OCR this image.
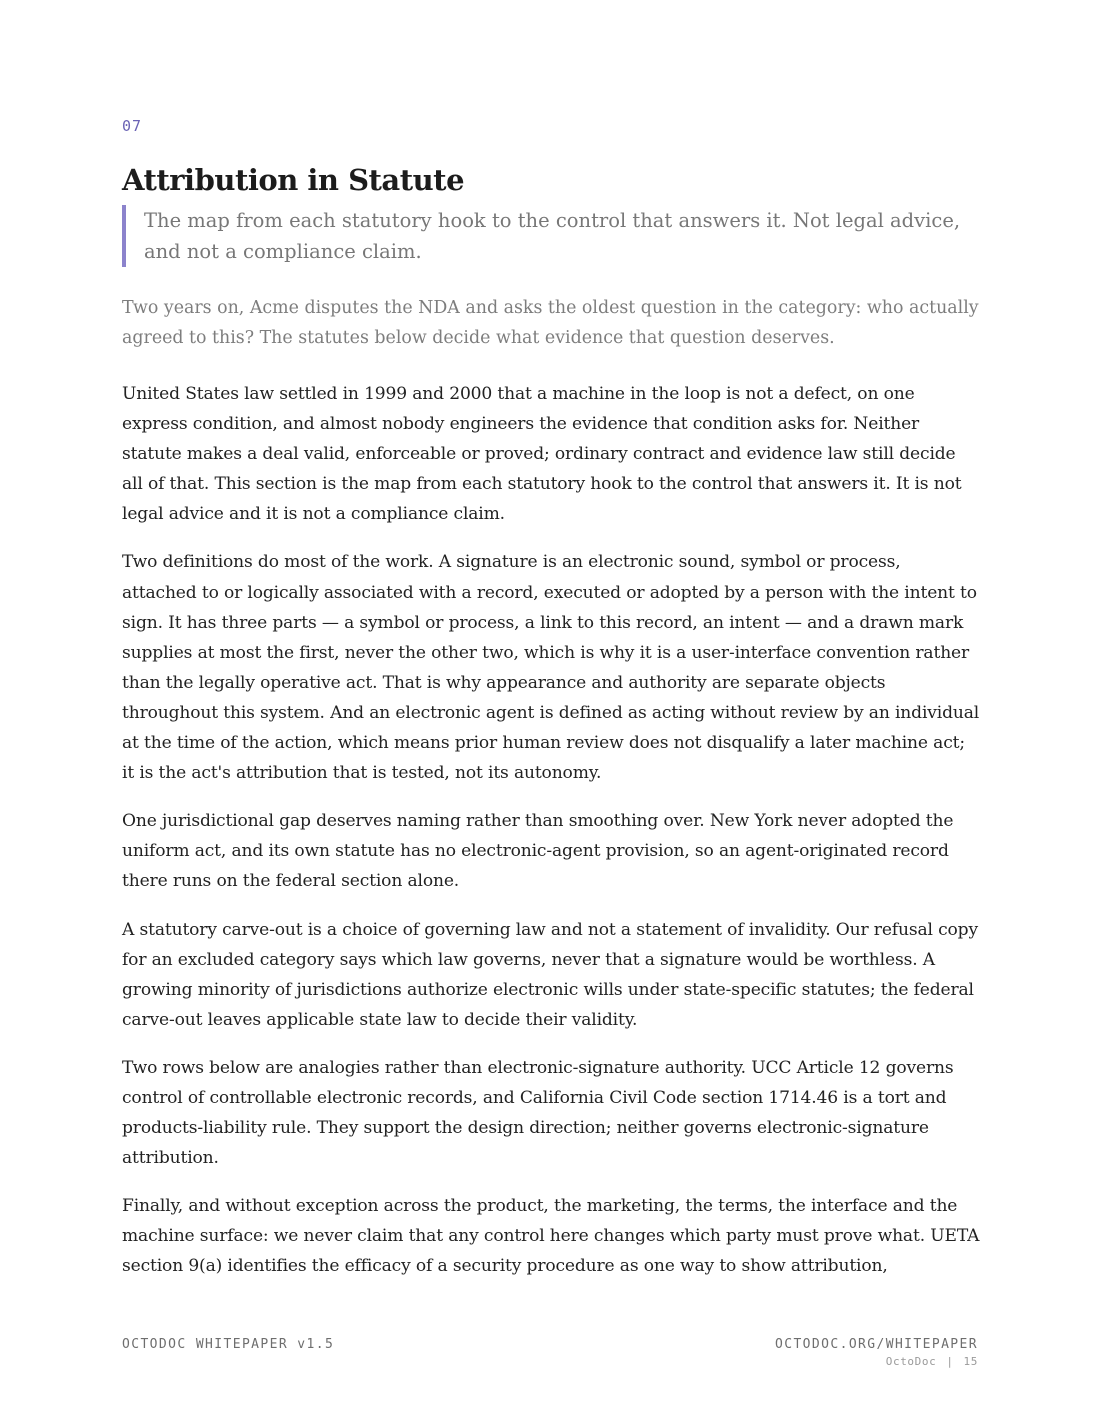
07
Attribution in Statute
The map from each statutory hook to the control that answers it. Not legal advice, and not a compliance claim.

Two years on, Acme disputes the NDA and asks the oldest question in the category: who actually agreed to this? The statutes below decide what evidence that question deserves.

United States law settled in 1999 and 2000 that a machine in the loop is not a defect, on one express condition, and almost nobody engineers the evidence that condition asks for. Neither statute makes a deal valid, enforceable or proved; ordinary contract and evidence law still decide all of that. This section is the map from each statutory hook to the control that answers it. It is not legal advice and it is not a compliance claim.

Two definitions do most of the work. A signature is an electronic sound, symbol or process, attached to or logically associated with a record, executed or adopted by a person with the intent to sign. It has three parts — a symbol or process, a link to this record, an intent — and a drawn mark supplies at most the first, never the other two, which is why it is a user-interface convention rather than the legally operative act. That is why appearance and authority are separate objects throughout this system. And an electronic agent is defined as acting without review by an individual at the time of the action, which means prior human review does not disqualify a later machine act; it is the act's attribution that is tested, not its autonomy.

One jurisdictional gap deserves naming rather than smoothing over. New York never adopted the uniform act, and its own statute has no electronic-agent provision, so an agent-originated record there runs on the federal section alone.

A statutory carve-out is a choice of governing law and not a statement of invalidity. Our refusal copy for an excluded category says which law governs, never that a signature would be worthless. A growing minority of jurisdictions authorize electronic wills under state-specific statutes; the federal carve-out leaves applicable state law to decide their validity.

Two rows below are analogies rather than electronic-signature authority. UCC Article 12 governs control of controllable electronic records, and California Civil Code section 1714.46 is a tort and products-liability rule. They support the design direction; neither governs electronic-signature attribution.

Finally, and without exception across the product, the marketing, the terms, the interface and the machine surface: we never claim that any control here changes which party must prove what. UETA section 9(a) identifies the efficacy of a security procedure as one way to show attribution,

OCTODOC WHITEPAPER v1.5	OCTODOC.ORG/WHITEPAPER
OctoDoc | 15
